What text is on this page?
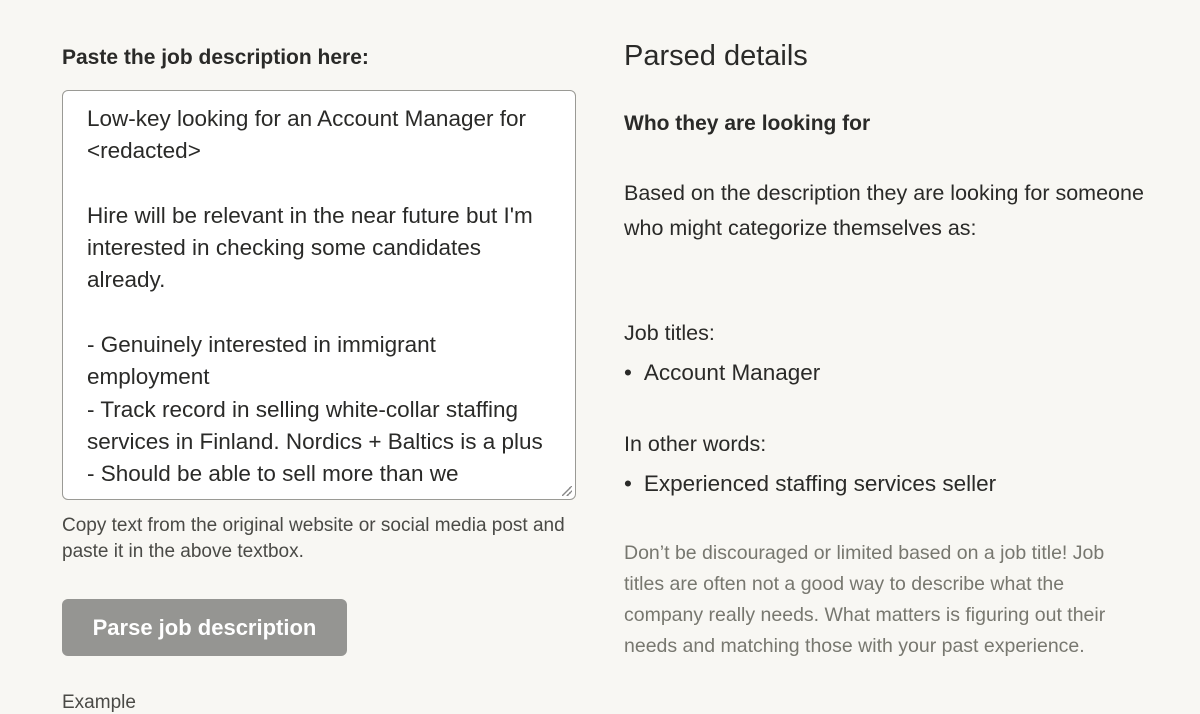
Paste the job description here:
Low-key looking for an Account Manager for <redacted>

Hire will be relevant in the near future but I'm interested in checking some candidates already.

- Genuinely interested in immigrant employment
- Track record in selling white-collar staffing services in Finland. Nordics + Baltics is a plus
- Should be able to sell more than we
Copy text from the original website or social media post and paste it in the above textbox.
Parse job description
Example
Parsed details
Who they are looking for
Based on the description they are looking for someone who might categorize themselves as:
Job titles:
• Account Manager
In other words:
• Experienced staffing services seller
Don’t be discouraged or limited based on a job title! Job titles are often not a good way to describe what the company really needs. What matters is figuring out their needs and matching those with your past experience.
